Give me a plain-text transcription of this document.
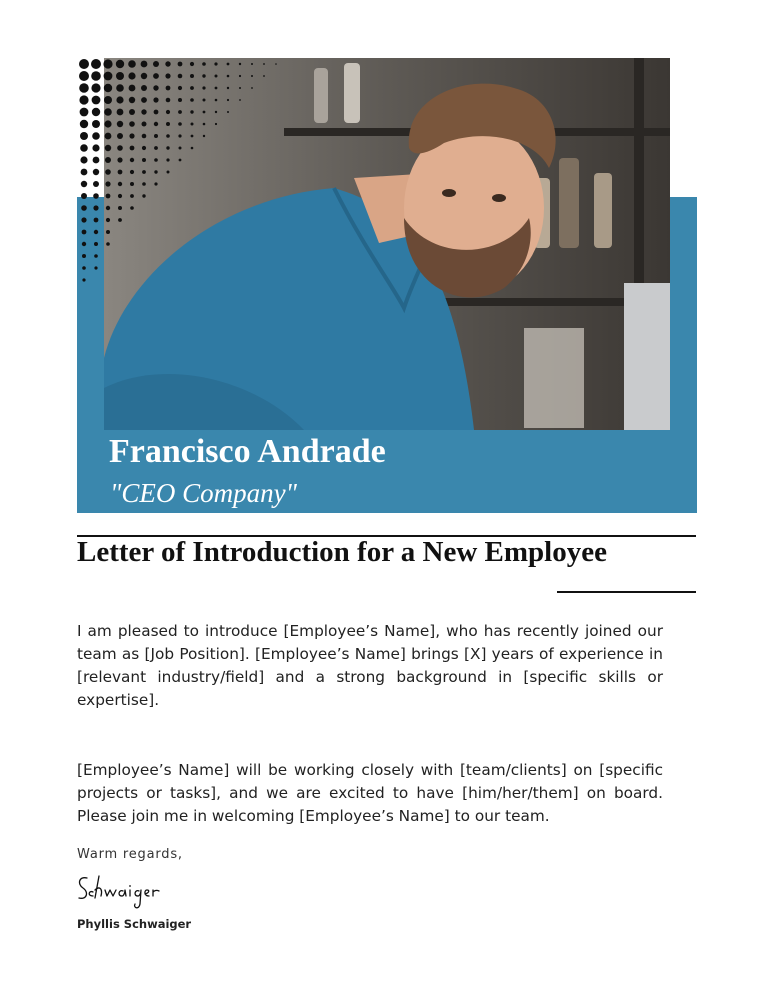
Francisco Andrade
"CEO Company"
Letter of Introduction for a New Employee

I am pleased to introduce [Employee’s Name], who has recently joined our team as [Job Position]. [Employee’s Name] brings [X] years of experience in [relevant industry/field] and a strong background in [specific skills or expertise].

[Employee’s Name] will be working closely with [team/clients] on [specific projects or tasks], and we are excited to have [him/her/them] on board. Please join me in welcoming [Employee’s Name] to our team.

Warm regards,
Phyllis Schwaiger
